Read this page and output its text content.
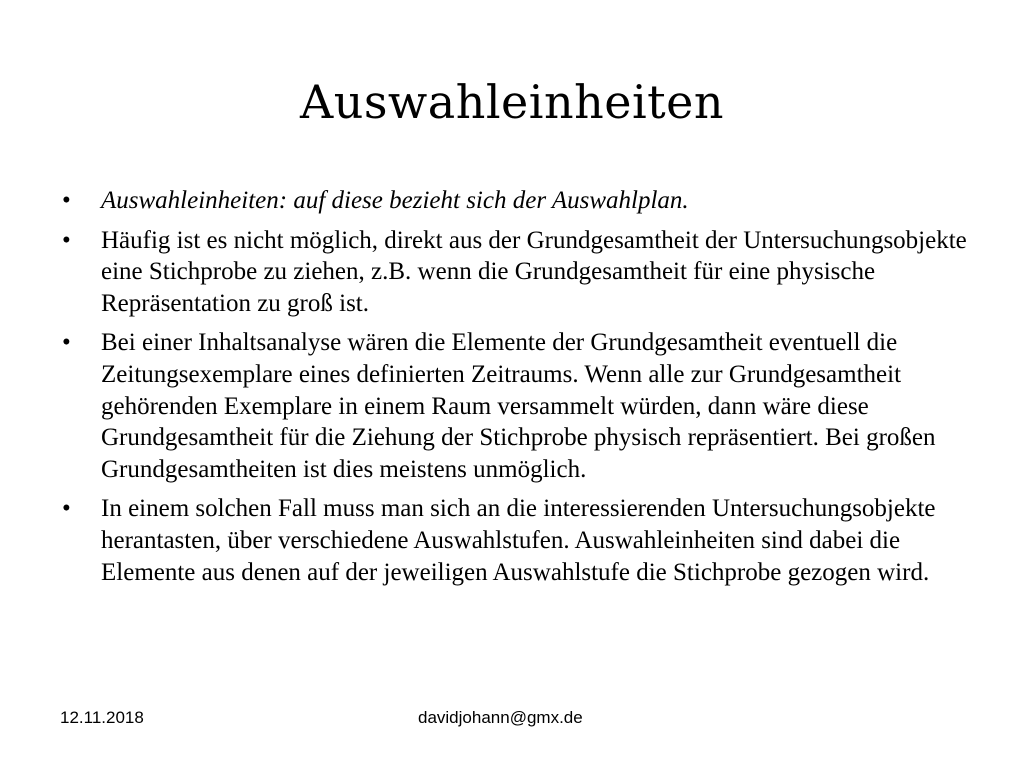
Auswahleinheiten
• Auswahleinheiten: auf diese bezieht sich der Auswahlplan.
• Häufig ist es nicht möglich, direkt aus der Grundgesamtheit der Untersuchungsobjekte eine Stichprobe zu ziehen, z.B. wenn die Grundgesamtheit für eine physische Repräsentation zu groß ist.
• Bei einer Inhaltsanalyse wären die Elemente der Grundgesamtheit eventuell die Zeitungsexemplare eines definierten Zeitraums. Wenn alle zur Grundgesamtheit gehörenden Exemplare in einem Raum versammelt würden, dann wäre diese Grundgesamtheit für die Ziehung der Stichprobe physisch repräsentiert. Bei großen Grundgesamtheiten ist dies meistens unmöglich.
• In einem solchen Fall muss man sich an die interessierenden Untersuchungsobjekte herantasten, über verschiedene Auswahlstufen. Auswahleinheiten sind dabei die Elemente aus denen auf der jeweiligen Auswahlstufe die Stichprobe gezogen wird.
12.11.2018	davidjohann@gmx.de
